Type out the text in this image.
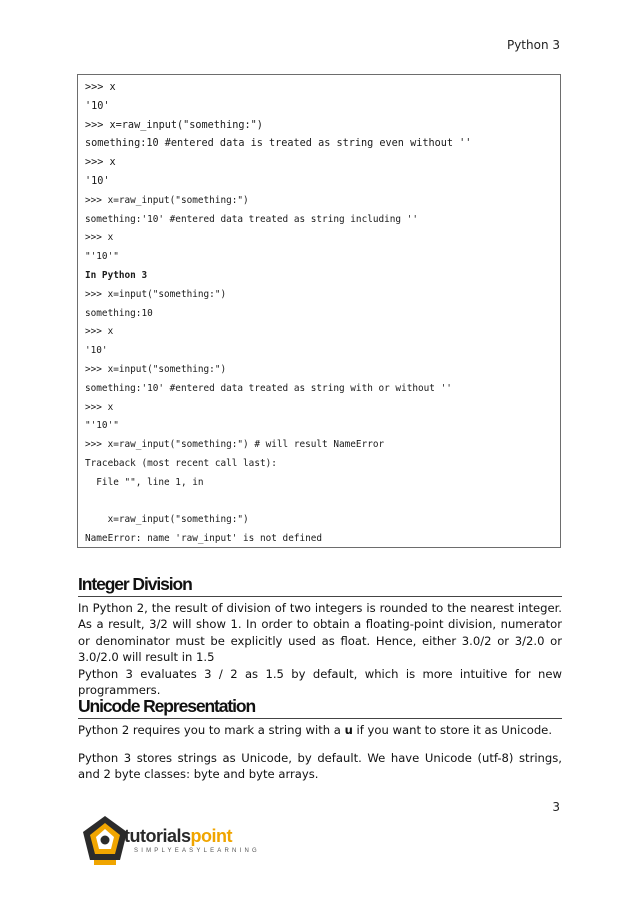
Python 3
>>> x
'10'
>>> x=raw_input("something:")
something:10 #entered data is treated as string even without ''
>>> x
'10'
>>> x=raw_input("something:")
something:'10' #entered data treated as string including ''
>>> x
"'10'"
In Python 3
>>> x=input("something:")
something:10
>>> x
'10'
>>> x=input("something:")
something:'10' #entered data treated as string with or without ''
>>> x
"'10'"
>>> x=raw_input("something:") # will result NameError
Traceback (most recent call last):
File "", line 1, in
x=raw_input("something:")
NameError: name 'raw_input' is not defined
Integer Division

In Python 2, the result of division of two integers is rounded to the nearest integer. As a result, 3/2 will show 1. In order to obtain a floating-point division, numerator or denominator must be explicitly used as float. Hence, either 3.0/2 or 3/2.0 or 3.0/2.0 will result in 1.5

Python 3 evaluates 3 / 2 as 1.5 by default, which is more intuitive for new programmers.

Unicode Representation

Python 2 requires you to mark a string with a u if you want to store it as Unicode.

Python 3 stores strings as Unicode, by default. We have Unicode (utf-8) strings, and 2 byte classes: byte and byte arrays.

3
tutorialspoint
SIMPLYEASYLEARNING
